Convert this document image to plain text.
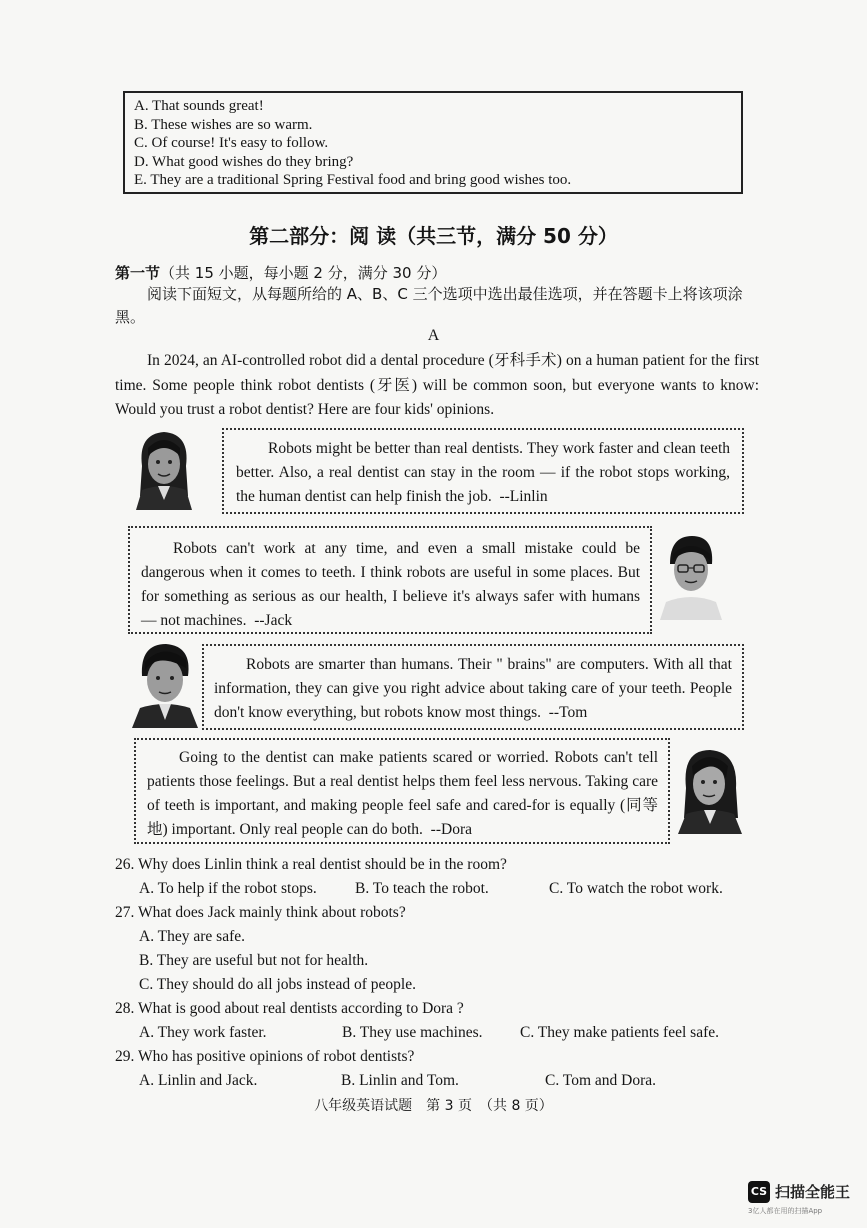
A. That sounds great!
B. These wishes are so warm.
C. Of course! It's easy to follow.
D. What good wishes do they bring?
E. They are a traditional Spring Festival food and bring good wishes too.
第二部分：阅 读（共三节，满分 50 分）
第一节（共 15 小题，每小题 2 分，满分 30 分）
阅读下面短文，从每题所给的 A、B、C 三个选项中选出最佳选项，并在答题卡上将该项涂黑。
A
In 2024, an AI-controlled robot did a dental procedure (牙科手术) on a human patient for the first time. Some people think robot dentists (牙医) will be common soon, but everyone wants to know: Would you trust a robot dentist? Here are four kids' opinions.
Robots might be better than real dentists. They work faster and clean teeth better. Also, a real dentist can stay in the room — if the robot stops working, the human dentist can help finish the job. --Linlin
Robots can't work at any time, and even a small mistake could be dangerous when it comes to teeth. I think robots are useful in some places. But for something as serious as our health, I believe it's always safer with humans — not machines. --Jack
Robots are smarter than humans. Their " brains" are computers. With all that information, they can give you right advice about taking care of your teeth. People don't know everything, but robots know most things. --Tom
Going to the dentist can make patients scared or worried. Robots can't tell patients those feelings. But a real dentist helps them feel less nervous. Taking care of teeth is important, and making people feel safe and cared-for is equally (同等地) important. Only real people can do both. --Dora
26. Why does Linlin think a real dentist should be in the room?
A. To help if the robot stops. B. To teach the robot.	C. To watch the robot work.
27. What does Jack mainly think about robots?
A. They are safe.
B. They are useful but not for health.
C. They should do all jobs instead of people.
28. What is good about real dentists according to Dora ?
A. They work faster.	B. They use machines. C. They make patients feel safe.
29. Who has positive opinions of robot dentists?
A. Linlin and Jack.	B. Linlin and Tom.	C. Tom and Dora.
八年级英语试题　第 3 页　（共 8 页）
CS 扫描全能王
3亿人都在用的扫描App
